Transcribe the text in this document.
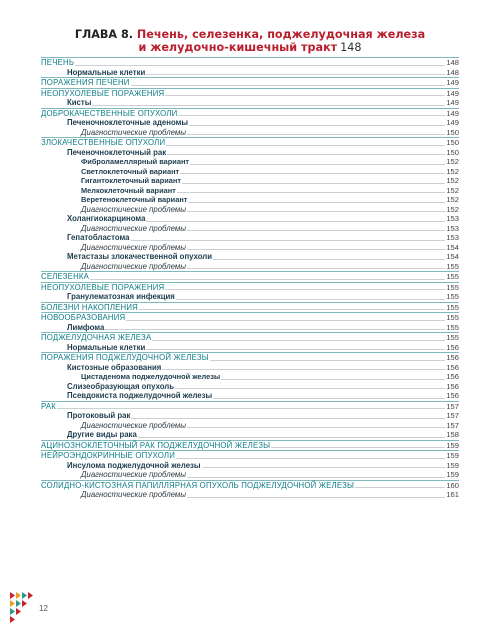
ГЛАВА 8. Печень, селезенка, поджелудочная железа
и желудочно-кишечный тракт 148
ПЕЧЕНЬ	148
Нормальные клетки	148
ПОРАЖЕНИЯ ПЕЧЕНИ	149
НЕОПУХОЛЕВЫЕ ПОРАЖЕНИЯ	149
Кисты	149
ДОБРОКАЧЕСТВЕННЫЕ ОПУХОЛИ	149
Печеночноклеточные аденомы	149
Диагностические проблемы	150
ЗЛОКАЧЕСТВЕННЫЕ ОПУХОЛИ	150
Печеночноклеточный рак	150
Фиброламеллярный вариант	152
Светлоклеточный вариант	152
Гигантоклеточный вариант	152
Мелкоклеточный вариант	152
Веретеноклеточный вариант	152
Диагностические проблемы	152
Холангиокарцинома	153
Диагностические проблемы	153
Гепатобластома	153
Диагностические проблемы	154
Метастазы злокачественной опухоли	154
Диагностические проблемы	155
СЕЛЕЗЕНКА	155
НЕОПУХОЛЕВЫЕ ПОРАЖЕНИЯ	155
Гранулематозная инфекция	155
БОЛЕЗНИ НАКОПЛЕНИЯ	155
НОВООБРАЗОВАНИЯ	155
Лимфома	155
ПОДЖЕЛУДОЧНАЯ ЖЕЛЕЗА	155
Нормальные клетки	156
ПОРАЖЕНИЯ ПОДЖЕЛУДОЧНОЙ ЖЕЛЕЗЫ	156
Кистозные образования	156
Цистаденома поджелудочной железы	156
Слизеобразующая опухоль	156
Псевдокиста поджелудочной железы	156
РАК	157
Протоковый рак	157
Диагностические проблемы	157
Другие виды рака	158
АЦИНОЗНОКЛЕТОЧНЫЙ РАК ПОДЖЕЛУДОЧНОЙ ЖЕЛЕЗЫ	159
НЕЙРОЭНДОКРИННЫЕ ОПУХОЛИ	159
Инсулома поджелудочной железы	159
Диагностические проблемы	159
СОЛИДНО-КИСТОЗНАЯ ПАПИЛЛЯРНАЯ ОПУХОЛЬ ПОДЖЕЛУДОЧНОЙ ЖЕЛЕЗЫ	160
Диагностические проблемы	161
12
